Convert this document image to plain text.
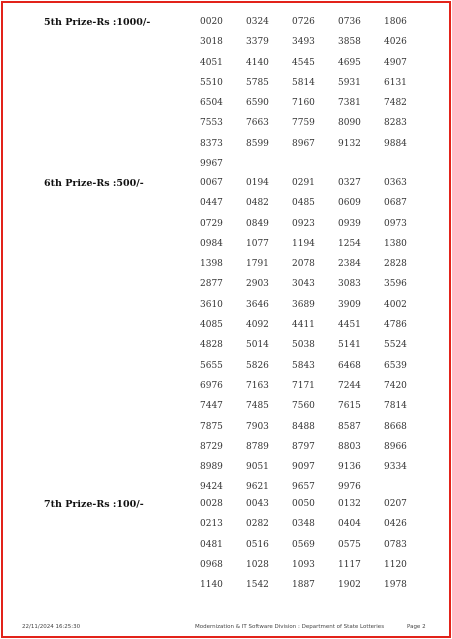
5th Prize-Rs :1000/-	0020	0324	0726	0736	1806
3018	3379	3493	3858	4026
4051	4140	4545	4695	4907
5510	5785	5814	5931	6131
6504	6590	7160	7381	7482
7553	7663	7759	8090	8283
8373	8599	8967	9132	9884
9967
6th Prize-Rs :500/-	0067	0194	0291	0327	0363
0447	0482	0485	0609	0687
0729	0849	0923	0939	0973
0984	1077	1194	1254	1380
1398	1791	2078	2384	2828
2877	2903	3043	3083	3596
3610	3646	3689	3909	4002
4085	4092	4411	4451	4786
4828	5014	5038	5141	5524
5655	5826	5843	6468	6539
6976	7163	7171	7244	7420
7447	7485	7560	7615	7814
7875	7903	8488	8587	8668
8729	8789	8797	8803	8966
8989	9051	9097	9136	9334
9424	9621	9657	9976
7th Prize-Rs :100/-	0028	0043	0050	0132	0207
0213	0282	0348	0404	0426
0481	0516	0569	0575	0783
0968	1028	1093	1117	1120
1140	1542	1887	1902	1978
22/11/2024 16:25:30	Modernization & IT Software Division : Department of State Lotteries	Page 2
